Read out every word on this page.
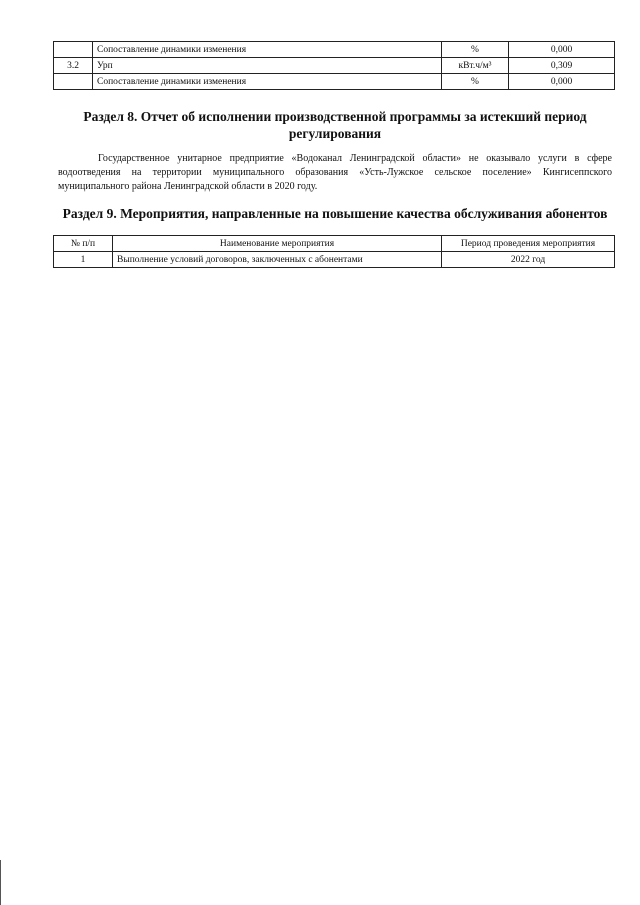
	Сопоставление динамики изменения	%	0,000
3.2	Урп	кВт.ч/м³	0,309
	Сопоставление динамики изменения	%	0,000
Раздел 8. Отчет об исполнении производственной программы за истекший период регулирования

Государственное унитарное предприятие «Водоканал Ленинградской области» не оказывало услуги в сфере водоотведения на территории муниципального образования «Усть-Лужское сельское поселение» Кингисеппского муниципального района Ленинградской области в 2020 году.

Раздел 9. Мероприятия, направленные на повышение качества обслуживания абонентов
№ п/п	Наименование мероприятия	Период проведения мероприятия
1	Выполнение условий договоров, заключенных с абонентами	2022 год
